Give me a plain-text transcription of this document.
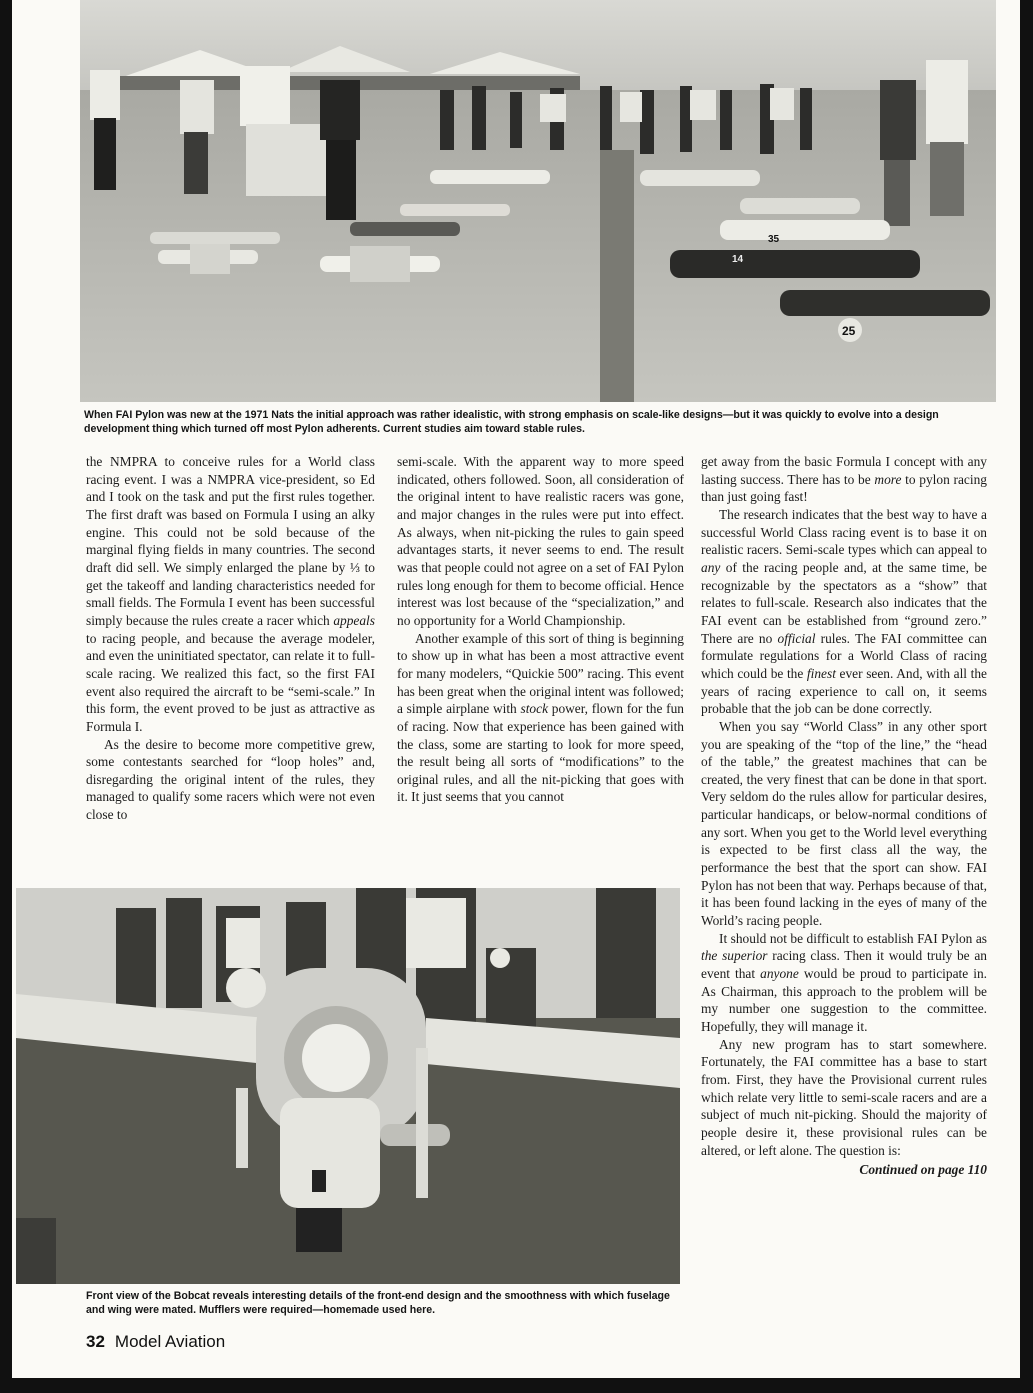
25
35
14
When FAI Pylon was new at the 1971 Nats the initial approach was rather idealistic, with strong emphasis on scale-like designs—but it was quickly to evolve into a design development thing which turned off most Pylon adherents. Current studies aim toward stable rules.

the NMPRA to conceive rules for a World class racing event. I was a NMPRA vice-president, so Ed and I took on the task and put the first rules together. The first draft was based on Formula I using an alky engine. This could not be sold because of the marginal flying fields in many countries. The second draft did sell. We simply enlarged the plane by ⅓ to get the takeoff and landing characteristics needed for small fields. The Formula I event has been successful simply because the rules create a racer which appeals to racing people, and because the average modeler, and even the uninitiated spectator, can relate it to full-scale racing. We realized this fact, so the first FAI event also required the aircraft to be “semi-scale.” In this form, the event proved to be just as attractive as Formula I.

As the desire to become more competitive grew, some contestants searched for “loop holes” and, disregarding the original intent of the rules, they managed to qualify some racers which were not even close to

semi-scale. With the apparent way to more speed indicated, others followed. Soon, all consideration of the original intent to have realistic racers was gone, and major changes in the rules were put into effect. As always, when nit-picking the rules to gain speed advantages starts, it never seems to end. The result was that people could not agree on a set of FAI Pylon rules long enough for them to become official. Hence interest was lost because of the “specialization,” and no opportunity for a World Championship.

Another example of this sort of thing is beginning to show up in what has been a most attractive event for many modelers, “Quickie 500” racing. This event has been great when the original intent was followed; a simple airplane with stock power, flown for the fun of racing. Now that experience has been gained with the class, some are starting to look for more speed, the result being all sorts of “modifications” to the original rules, and all the nit-picking that goes with it. It just seems that you cannot

get away from the basic Formula I concept with any lasting success. There has to be more to pylon racing than just going fast!

The research indicates that the best way to have a successful World Class racing event is to base it on realistic racers. Semi-scale types which can appeal to any of the racing people and, at the same time, be recognizable by the spectators as a “show” that relates to full-scale. Research also indicates that the FAI event can be established from “ground zero.” There are no official rules. The FAI committee can formulate regulations for a World Class of racing which could be the finest ever seen. And, with all the years of racing experience to call on, it seems probable that the job can be done correctly.

When you say “World Class” in any other sport you are speaking of the “top of the line,” the “head of the table,” the greatest machines that can be created, the very finest that can be done in that sport. Very seldom do the rules allow for particular desires, particular handicaps, or below-normal conditions of any sort. When you get to the World level everything is expected to be first class all the way, the performance the best that the sport can show. FAI Pylon has not been that way. Perhaps because of that, it has been found lacking in the eyes of many of the World’s racing people.

It should not be difficult to establish FAI Pylon as the superior racing class. Then it would truly be an event that anyone would be proud to participate in. As Chairman, this approach to the problem will be my number one suggestion to the committee. Hopefully, they will manage it.

Any new program has to start somewhere. Fortunately, the FAI committee has a base to start from. First, they have the Provisional current rules which relate very little to semi-scale racers and are a subject of much nit-picking. Should the majority of people desire it, these provisional rules can be altered, or left alone. The question is:

Continued on page 110

Front view of the Bobcat reveals interesting details of the front-end design and the smoothness with which fuselage and wing were mated. Mufflers were required—homemade used here.
32 Model Aviation
